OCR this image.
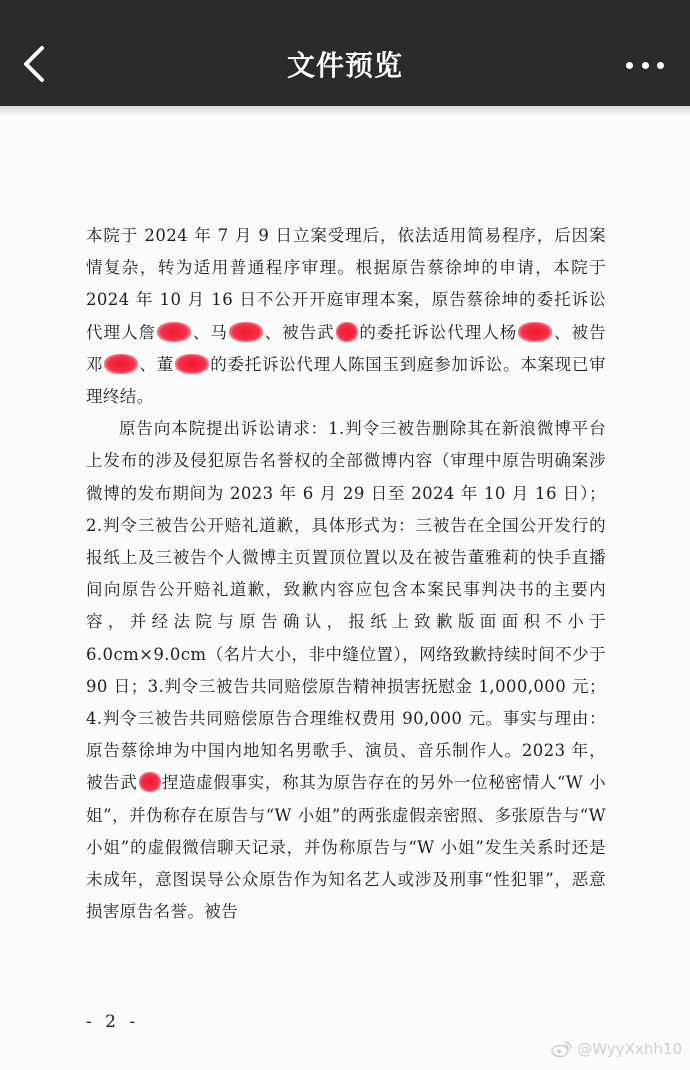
文件预览

本院于 2024 年 7 月 9 日立案受理后，依法适用简易程序，后因案情复杂，转为适用普通程序审理。根据原告蔡徐坤的申请，本院于 2024 年 10 月 16 日不公开开庭审理本案，原告蔡徐坤的委托诉讼代理人詹 、马 、被告武 的委托诉讼代理人杨 、被告邓 、董 的委托诉讼代理人陈国玉到庭参加诉讼。本案现已审理终结。

原告向本院提出诉讼请求：1.判令三被告删除其在新浪微博平台上发布的涉及侵犯原告名誉权的全部微博内容（审理中原告明确案涉微博的发布期间为 2023 年 6 月 29 日至 2024 年 10 月 16 日）；2.判令三被告公开赔礼道歉，具体形式为：三被告在全国公开发行的报纸上及三被告个人微博主页置顶位置以及在被告董雅莉的快手直播间向原告公开赔礼道歉，致歉内容应包含本案民事判决书的主要内容，并经法院与原告确认，报纸上致歉版面面积不小于 6.0cm×9.0cm（名片大小，非中缝位置），网络致歉持续时间不少于 90 日；3.判令三被告共同赔偿原告精神损害抚慰金 1,000,000 元；4.判令三被告共同赔偿原告合理维权费用 90,000 元。事实与理由：原告蔡徐坤为中国内地知名男歌手、演员、音乐制作人。2023 年，被告武 捏造虚假事实，称其为原告存在的另外一位秘密情人“W 小姐”，并伪称存在原告与“W 小姐”的两张虚假亲密照、多张原告与“W 小姐”的虚假微信聊天记录，并伪称原告与“W 小姐”发生关系时还是未成年，意图误导公众原告作为知名艺人或涉及刑事“性犯罪”，恶意损害原告名誉。被告

- 2 -
@WyyXxhh10
